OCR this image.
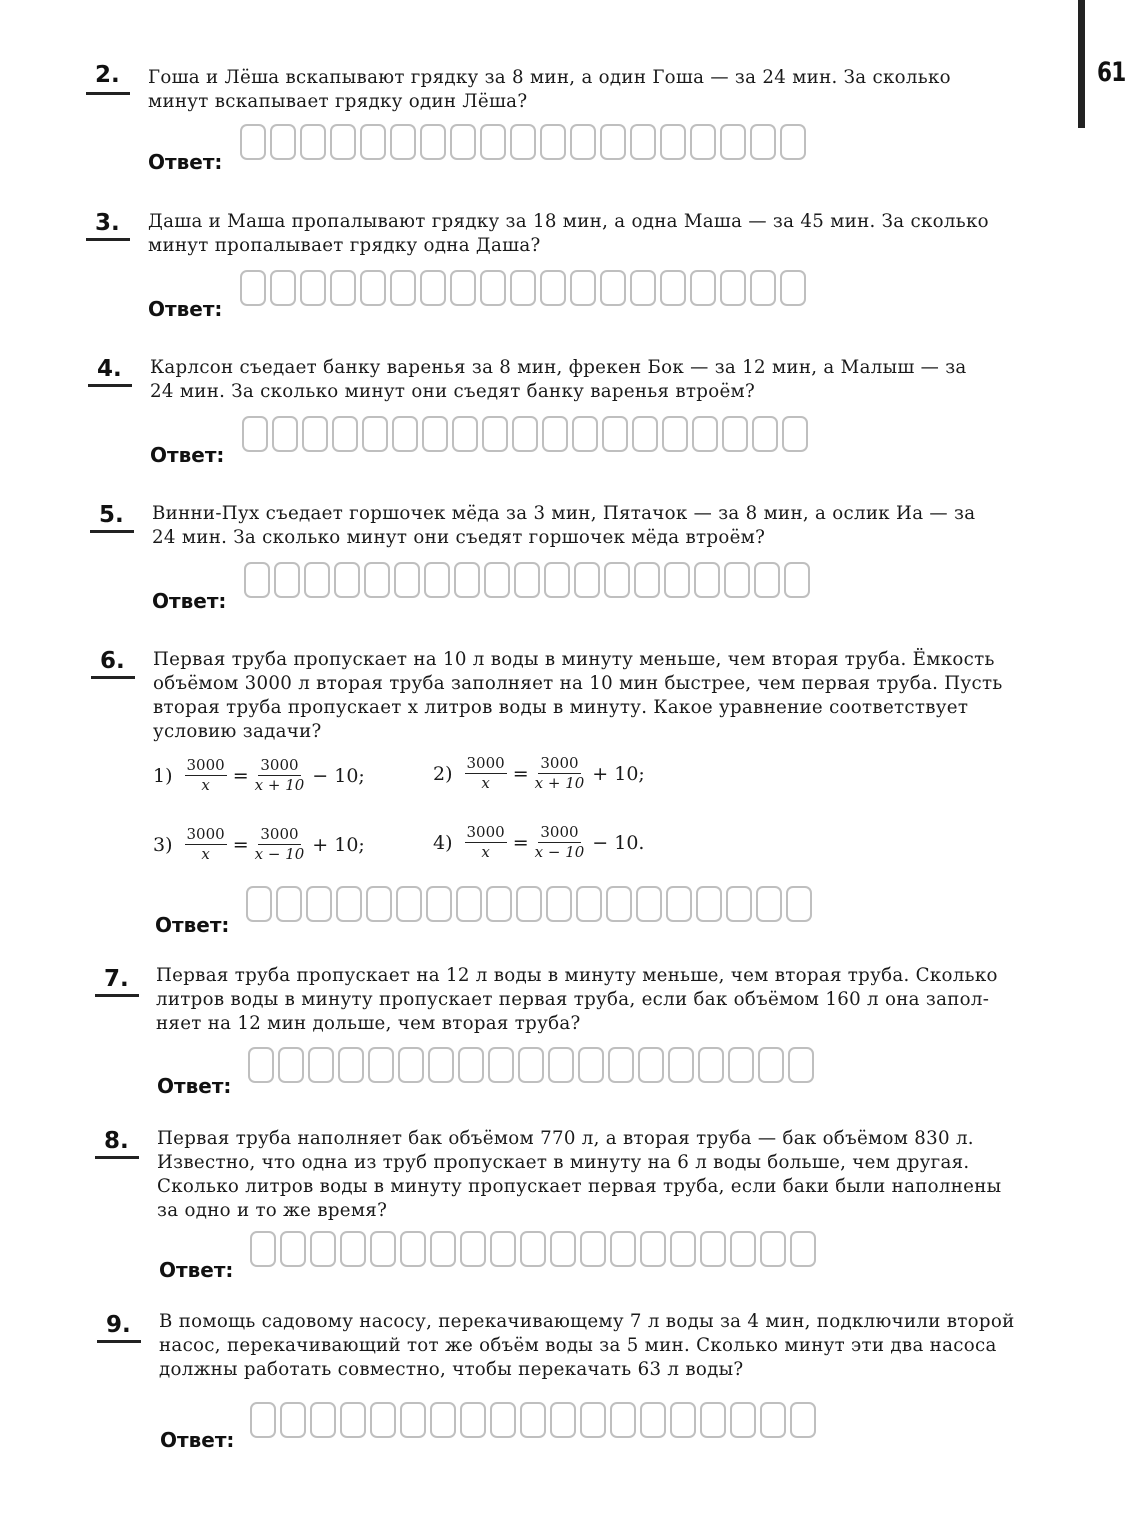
61
2. Гоша и Лёша вскапывают грядку за 8 мин, а один Гоша — за 24 мин. За сколько

минут вскапывает грядку один Лёша?

Ответ:
3. Даша и Маша пропалывают грядку за 18 мин, а одна Маша — за 45 мин. За сколько

минут пропалывает грядку одна Даша?

Ответ:
4. Карлсон съедает банку варенья за 8 мин, фрекен Бок — за 12 мин, а Малыш — за

24 мин. За сколько минут они съедят банку варенья втроём?

Ответ:
5. Винни-Пух съедает горшочек мёда за 3 мин, Пятачок — за 8 мин, а ослик Иа — за

24 мин. За сколько минут они съедят горшочек мёда втроём?

Ответ:
6. Первая труба пропускает на 10 л воды в минуту меньше, чем вторая труба. Ёмкость

объёмом 3000 л вторая труба заполняет на 10 мин быстрее, чем первая труба. Пусть

вторая труба пропускает x литров воды в минуту. Какое уравнение соответствует

условию задачи?

$1) \frac{3000}{x} = \frac{3000}{x + 10} - 10$;	$2) \frac{3000}{x} = \frac{3000}{x + 10} + 10$;
$3) \frac{3000}{x} = \frac{3000}{x - 10} + 10$;	$4) \frac{3000}{x} = \frac{3000}{x - 10} - 10$.
Ответ:
7. Первая труба пропускает на 12 л воды в минуту меньше, чем вторая труба. Сколько

литров воды в минуту пропускает первая труба, если бак объёмом 160 л она запол-

няет на 12 мин дольше, чем вторая труба?

Ответ:
8. Первая труба наполняет бак объёмом 770 л, а вторая труба — бак объёмом 830 л.

Известно, что одна из труб пропускает в минуту на 6 л воды больше, чем другая.

Сколько литров воды в минуту пропускает первая труба, если баки были наполнены

за одно и то же время?

Ответ:
9. В помощь садовому насосу, перекачивающему 7 л воды за 4 мин, подключили второй

насос, перекачивающий тот же объём воды за 5 мин. Сколько минут эти два насоса

должны работать совместно, чтобы перекачать 63 л воды?

Ответ:
